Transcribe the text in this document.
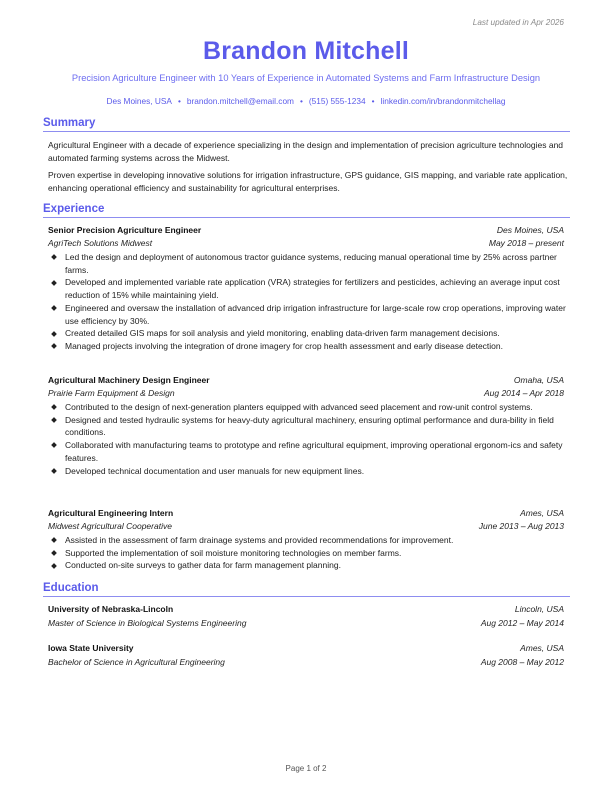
Last updated in Apr 2026
Brandon Mitchell
Precision Agriculture Engineer with 10 Years of Experience in Automated Systems and Farm Infrastructure Design
Des Moines, USA • brandon.mitchell@email.com • (515) 555-1234 • linkedin.com/in/brandonmitchellag
Summary
Agricultural Engineer with a decade of experience specializing in the design and implementation of precision agriculture technologies and automated farming systems across the Midwest.
Proven expertise in developing innovative solutions for irrigation infrastructure, GPS guidance, GIS mapping, and variable rate application, enhancing operational efficiency and sustainability for agricultural enterprises.
Experience
Senior Precision Agriculture Engineer	Des Moines, USA
AgriTech Solutions Midwest	May 2018 – present
Led the design and deployment of autonomous tractor guidance systems, reducing manual operational time by 25% across partner farms.
Developed and implemented variable rate application (VRA) strategies for fertilizers and pesticides, achieving an average input cost reduction of 15% while maintaining yield.
Engineered and oversaw the installation of advanced drip irrigation infrastructure for large-scale row crop operations, improving water use efficiency by 30%.
Created detailed GIS maps for soil analysis and yield monitoring, enabling data-driven farm management decisions.
Managed projects involving the integration of drone imagery for crop health assessment and early disease detection.
Agricultural Machinery Design Engineer	Omaha, USA
Prairie Farm Equipment & Design	Aug 2014 – Apr 2018
Contributed to the design of next-generation planters equipped with advanced seed placement and row-unit control systems.
Designed and tested hydraulic systems for heavy-duty agricultural machinery, ensuring optimal performance and dura-bility in field conditions.
Collaborated with manufacturing teams to prototype and refine agricultural equipment, improving operational ergonom-ics and safety features.
Developed technical documentation and user manuals for new equipment lines.
Agricultural Engineering Intern	Ames, USA
Midwest Agricultural Cooperative	June 2013 – Aug 2013
Assisted in the assessment of farm drainage systems and provided recommendations for improvement.
Supported the implementation of soil moisture monitoring technologies on member farms.
Conducted on-site surveys to gather data for farm management planning.
Education
University of Nebraska-Lincoln	Lincoln, USA
Master of Science in Biological Systems Engineering	Aug 2012 – May 2014
Iowa State University	Ames, USA
Bachelor of Science in Agricultural Engineering	Aug 2008 – May 2012
Page 1 of 2
